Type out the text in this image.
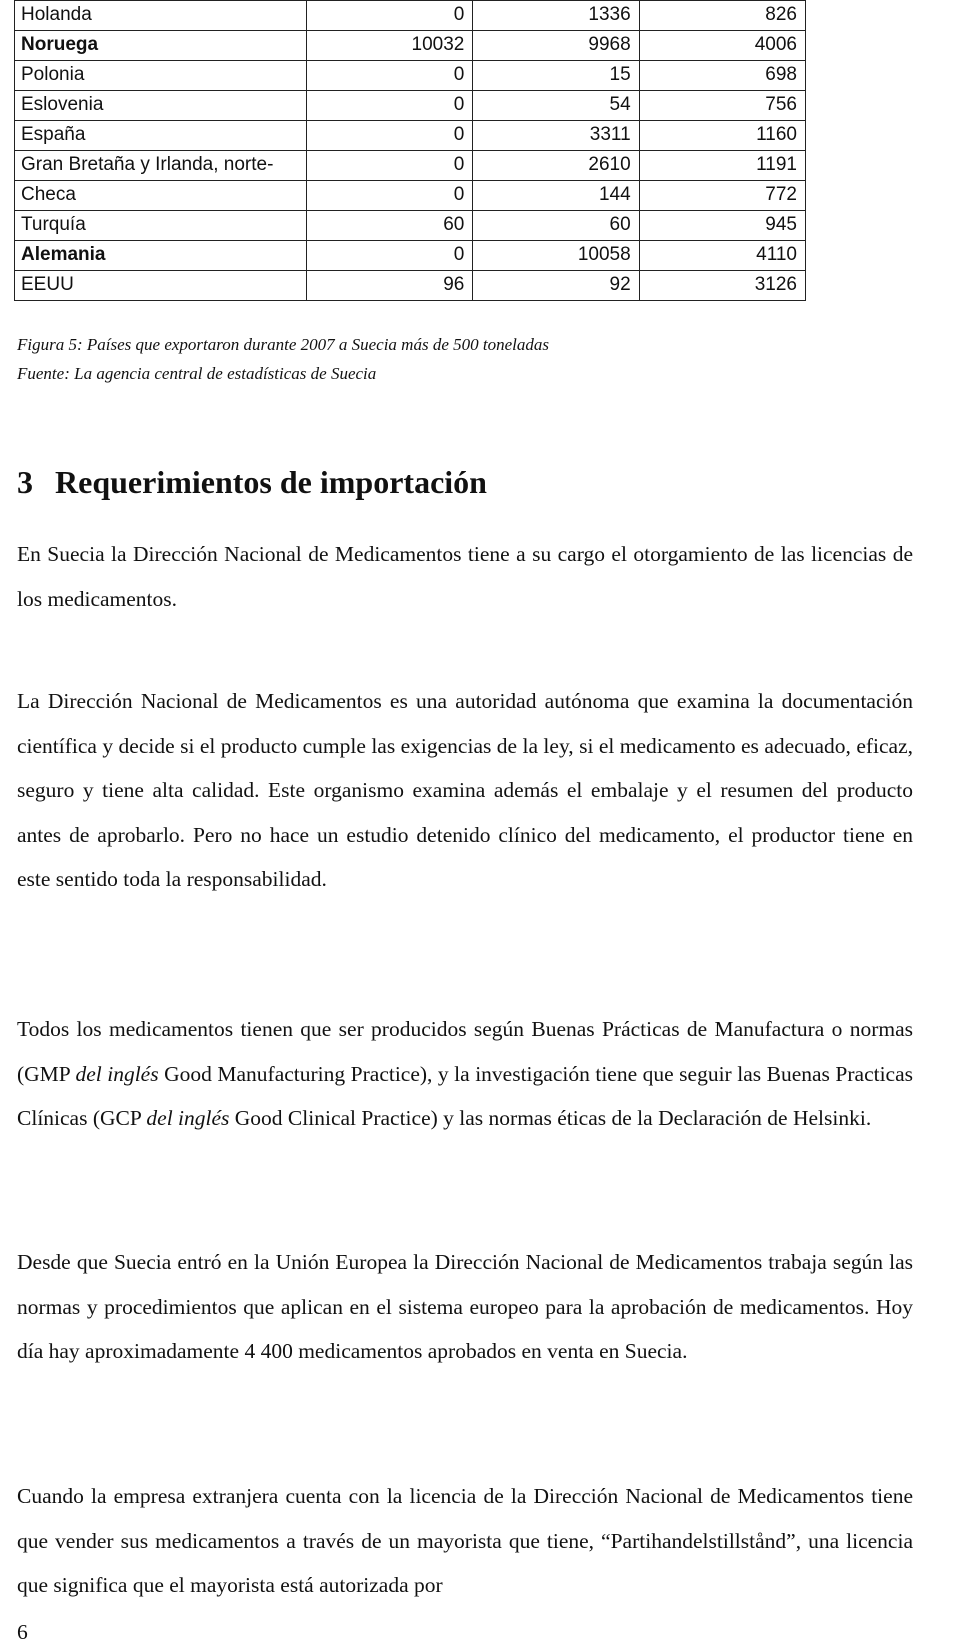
Holanda	0	1336	826
Noruega	10032	9968	4006
Polonia	0	15	698
Eslovenia	0	54	756
España	0	3311	1160
Gran Bretaña y Irlanda, norte-	0	2610	1191
Checa	0	144	772
Turquía	60	60	945
Alemania	0	10058	4110
EEUU	96	92	3126
Figura 5: Países que exportaron durante 2007 a Suecia más de 500 toneladas
Fuente: La agencia central de estadísticas de Suecia
3 Requerimientos de importación

En Suecia la Dirección Nacional de Medicamentos tiene a su cargo el otorgamiento de las licencias de los medicamentos.

La Dirección Nacional de Medicamentos es una autoridad autónoma que examina la documentación científica y decide si el producto cumple las exigencias de la ley, si el medicamento es adecuado, eficaz, seguro y tiene alta calidad. Este organismo examina además el embalaje y el resumen del producto antes de aprobarlo. Pero no hace un estudio detenido clínico del medicamento, el productor tiene en este sentido toda la responsabilidad.

Todos los medicamentos tienen que ser producidos según Buenas Prácticas de Manufactura o normas (GMP del inglés Good Manufacturing Practice), y la investigación tiene que seguir las Buenas Practicas Clínicas (GCP del inglés Good Clinical Practice) y las normas éticas de la Declaración de Helsinki.

Desde que Suecia entró en la Unión Europea la Dirección Nacional de Medicamentos trabaja según las normas y procedimientos que aplican en el sistema europeo para la aprobación de medicamentos. Hoy día hay aproximadamente 4 400 medicamentos aprobados en venta en Suecia.

Cuando la empresa extranjera cuenta con la licencia de la Dirección Nacional de Medicamentos tiene que vender sus medicamentos a través de un mayorista que tiene, “Partihandelstillstånd”, una licencia que significa que el mayorista está autorizada por

6
